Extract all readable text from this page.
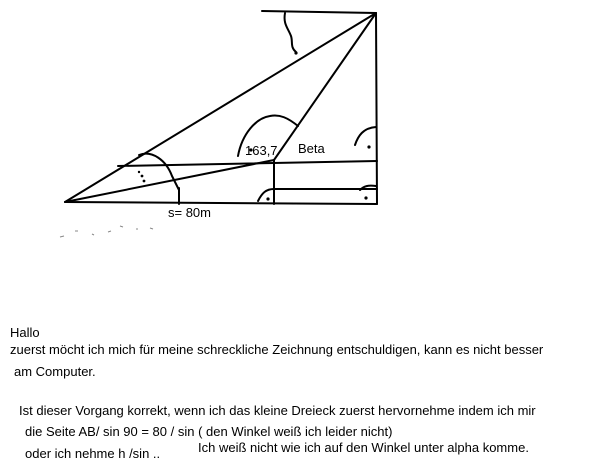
163,7 Beta
s= 80m
Hallo
zuerst möcht ich mich für meine schreckliche Zeichnung entschuldigen, kann es nicht besser
am Computer.
Ist dieser Vorgang korrekt, wenn ich das kleine Dreieck zuerst hervornehme indem ich mir
die Seite AB/ sin 90 = 80 / sin ( den Winkel weiß ich leider nicht)
oder ich nehme h /sin ..	Ich weiß nicht wie ich auf den Winkel unter alpha komme.
